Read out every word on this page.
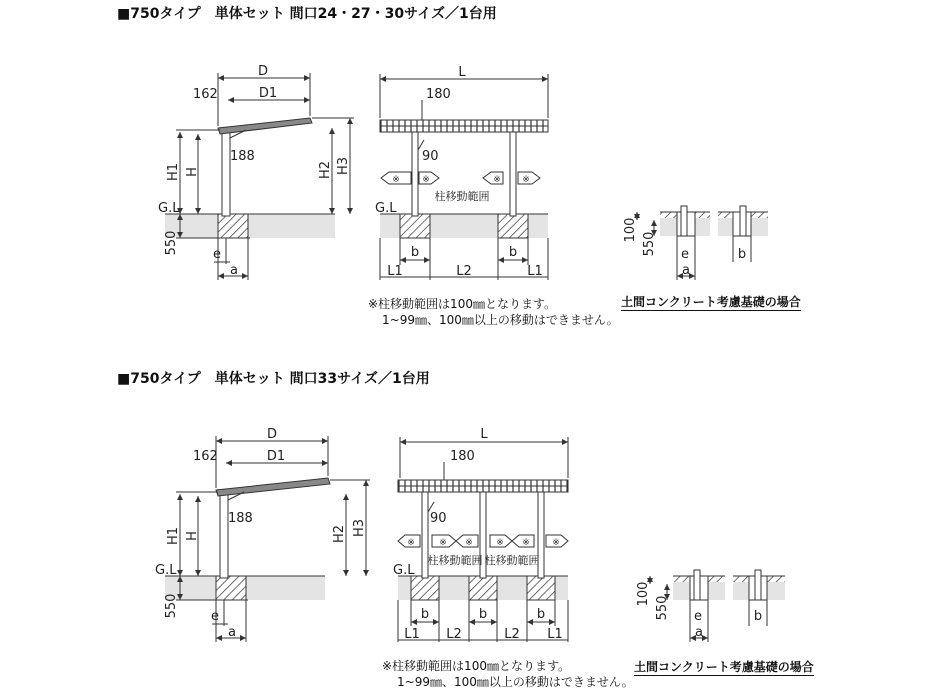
■750タイプ　単体セット 間口24・27・30サイズ／1台用
■750タイプ　単体セット 間口33サイズ／1台用
D
D1
162
188
H1 H	H2 H3
G.L
550	e
a
L
180
90
※ ※	※ ※
柱移動範囲
G.L
b	b
L1	L2	L1
100
550 e
a
b
D
D1
162
188
H1 H	H2 H3
G.L
550 e
a
L
180
90
※	※ ※	※ ※ ※
柱移動範囲 柱移動範囲
G.L
b	b	b
L1 L2	L2 L1
100
550 e
a
b
※柱移動範囲は100㎜となります。
1~99㎜、100㎜以上の移動はできません。
土間コンクリート考慮基礎の場合
※柱移動範囲は100㎜となります。
1~99㎜、100㎜以上の移動はできません。
土間コンクリート考慮基礎の場合
